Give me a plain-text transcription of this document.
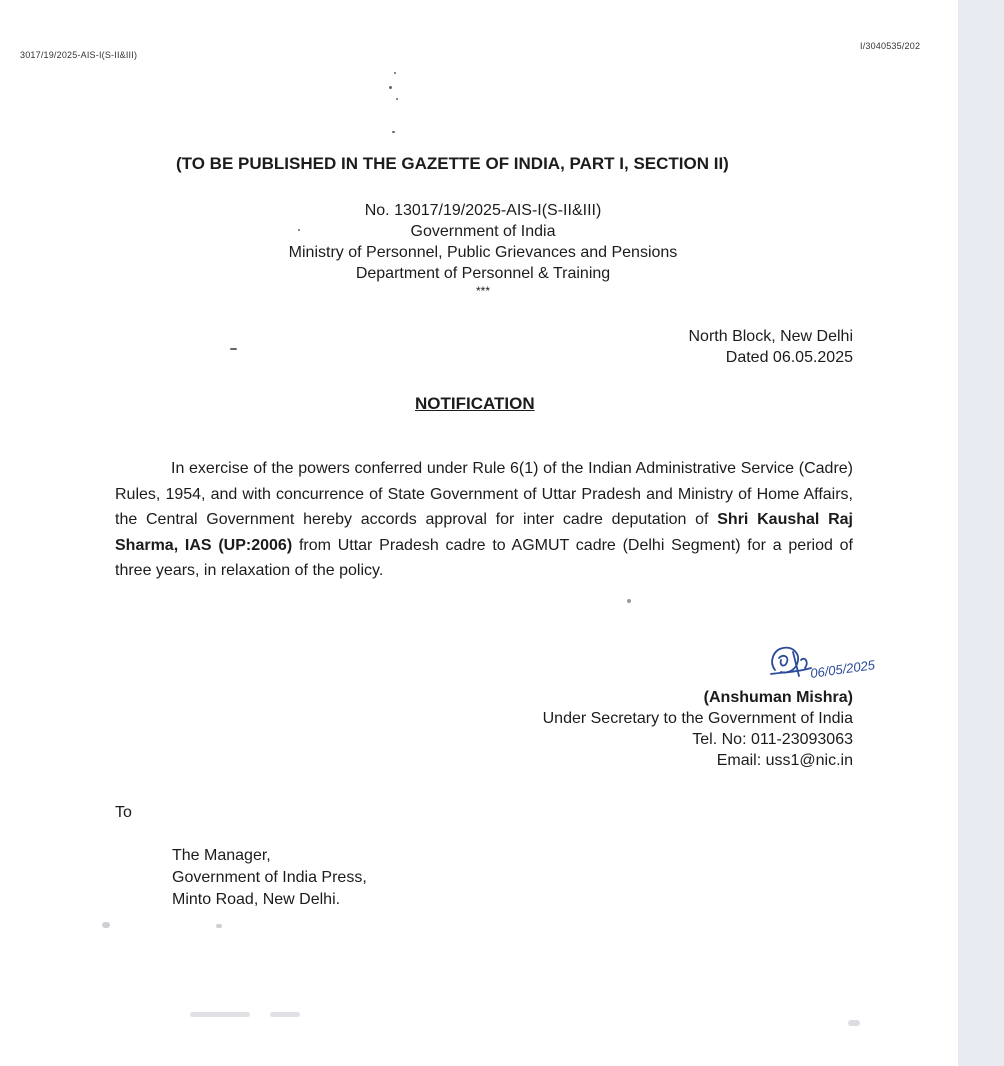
3017/19/2025-AIS-I(S-II&III)
I/3040535/202
(TO BE PUBLISHED IN THE GAZETTE OF INDIA, PART I, SECTION II)
No. 13017/19/2025-AIS-I(S-II&III)
Government of India
Ministry of Personnel, Public Grievances and Pensions
Department of Personnel & Training
***
North Block, New Delhi
Dated 06.05.2025
NOTIFICATION

In exercise of the powers conferred under Rule 6(1) of the Indian Administrative Service (Cadre) Rules, 1954, and with concurrence of State Government of Uttar Pradesh and Ministry of Home Affairs, the Central Government hereby accords approval for inter cadre deputation of Shri Kaushal Raj Sharma, IAS (UP:2006) from Uttar Pradesh cadre to AGMUT cadre (Delhi Segment) for a period of three years, in relaxation of the policy.

06/05/2025
(Anshuman Mishra)
Under Secretary to the Government of India
Tel. No: 011-23093063
Email: uss1@nic.in
To
The Manager,
Government of India Press,
Minto Road, New Delhi.
